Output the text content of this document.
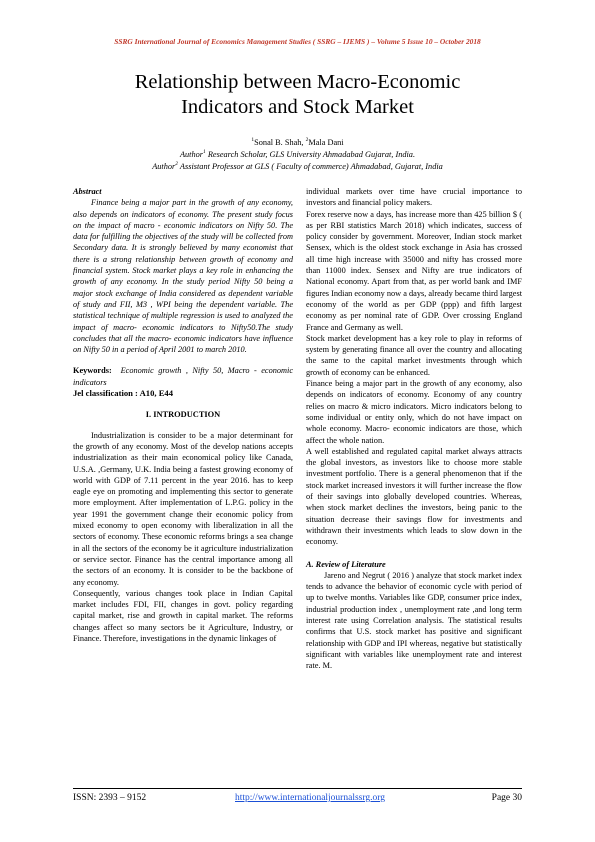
SSRG International Journal of Economics Management Studies ( SSRG – IJEMS ) – Volume 5 Issue 10 – October 2018
Relationship between Macro-Economic
Indicators and Stock Market
$^1$Sonal B. Shah, $^2$Mala Dani
Author$^1$ Research Scholar, GLS University Ahmadabad Gujarat, India.
Author$^2$ Assistant Professor at GLS ( Faculty of commerce) Ahmadabad, Gujarat, India

Abstract

Finance being a major part in the growth of any economy, also depends on indicators of economy. The present study focus on the impact of macro - economic indicators on Nifty 50. The data for fulfilling the objectives of the study will be collected from Secondary data. It is strongly believed by many economist that there is a strong relationship between growth of economy and financial system. Stock market plays a key role in enhancing the growth of any economy. In the study period Nifty 50 being a major stock exchange of India considered as dependent variable of study and FII, M3 , WPI being the dependent variable. The statistical technique of multiple regression is used to analyzed the impact of macro- economic indicators to Nifty50.The study concludes that all the macro- economic indicators have influence on Nifty 50 in a period of April 2001 to march 2010.

Keywords: Economic growth , Nifty 50, Macro - economic indicators

Jel classification : A10, E44

I. INTRODUCTION

Industrialization is consider to be a major determinant for the growth of any economy. Most of the develop nations accepts industrialization as their main economical policy like Canada, U.S.A. ,Germany, U.K. India being a fastest growing economy of world with GDP of 7.11 percent in the year 2016. has to keep eagle eye on promoting and implementing this sector to generate more employment. After implementation of L.P.G. policy in the year 1991 the government change their economic policy from mixed economy to open economy with liberalization in all the sectors of economy. These economic reforms brings a sea change in all the sectors of the economy be it agriculture industrialization or service sector. Finance has the central importance among all the sectors of an economy. It is consider to be the backbone of any economy.

Consequently, various changes took place in Indian Capital market includes FDI, FII, changes in govt. policy regarding capital market, rise and growth in capital market. The reforms changes affect so many sectors be it Agriculture, Industry, or Finance. Therefore, investigations in the dynamic linkages of

individual markets over time have crucial importance to investors and financial policy makers.

Forex reserve now a days, has increase more than 425 billion $ ( as per RBI statistics March 2018) which indicates, success of policy consider by government. Moreover, Indian stock market Sensex, which is the oldest stock exchange in Asia has crossed all time high increase with 35000 and nifty has crossed more than 11000 index. Sensex and Nifty are true indicators of National economy. Apart from that, as per world bank and IMF figures Indian economy now a days, already became third largest economy of the world as per GDP (ppp) and fifth largest economy as per nominal rate of GDP. Over crossing England France and Germany as well.

Stock market development has a key role to play in reforms of system by generating finance all over the country and allocating the same to the capital market investments through which growth of economy can be enhanced.

Finance being a major part in the growth of any economy, also depends on indicators of economy. Economy of any country relies on macro & micro indicators. Micro indicators belong to some individual or entity only, which do not have impact on whole economy. Macro- economic indicators are those, which affect the whole nation.

A well established and regulated capital market always attracts the global investors, as investors like to choose more stable investment portfolio. There is a general phenomenon that if the stock market increased investors it will further increase the flow of their savings into globally developed countries. Whereas, when stock market declines the investors, being panic to the situation decrease their savings flow for investments and withdrawn their investments which leads to slow down in the economy.

A. Review of Literature

Jareno and Negrut ( 2016 ) analyze that stock market index tends to advance the behavior of economic cycle with period of up to twelve months. Variables like GDP, consumer price index, industrial production index , unemployment rate ,and long term interest rate using Correlation analysis. The statistical results confirms that U.S. stock market has positive and significant relationship with GDP and IPI whereas, negative but statistically significant with variables like unemployment rate and interest rate. M.

ISSN: 2393 – 9152	http://www.internationaljournalssrg.org	Page 30
